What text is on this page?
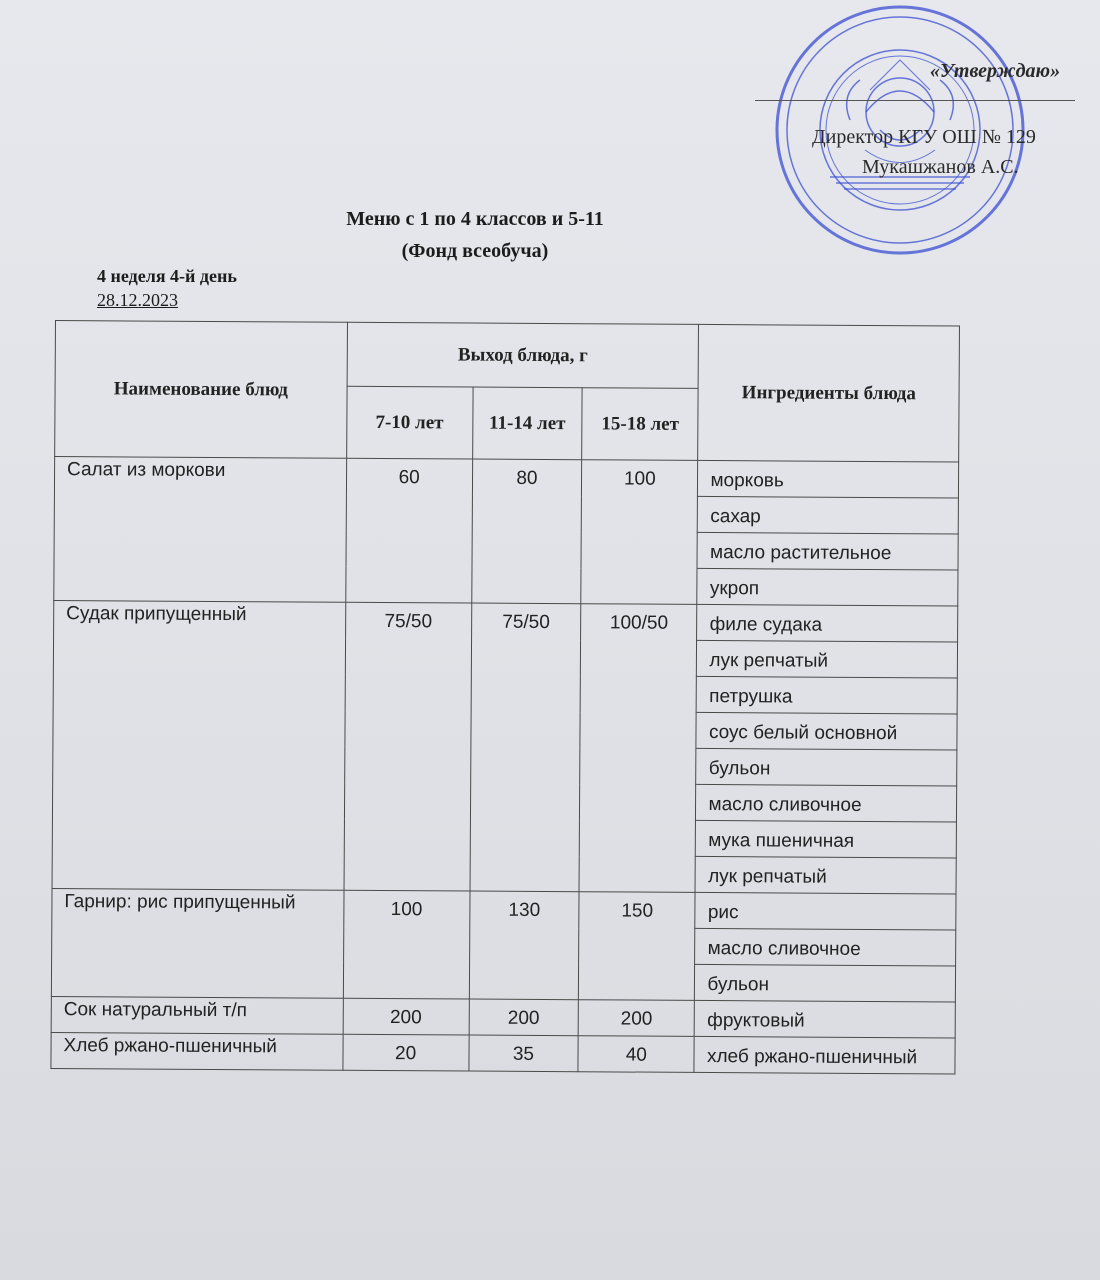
«Утверждаю»
Директор КГУ ОШ № 129
Мукашжанов А.С.
Меню с 1 по 4 классов и 5-11
(Фонд всеобуча)
4 неделя 4-й день
28.12.2023
Наименование блюд	Выход блюда, г			Ингредиенты блюда
	7-10 лет	11-14 лет	15-18 лет	
Салат из моркови	60	80	100	морковь
				сахар
				масло растительное
				укроп
Судак припущенный	75/50	75/50	100/50	филе судака
				лук репчатый
				петрушка
				соус белый основной
				бульон
				масло сливочное
				мука пшеничная
				лук репчатый
Гарнир: рис припущенный	100	130	150	рис
				масло сливочное
				бульон
Сок натуральный т/п	200	200	200	фруктовый
Хлеб ржано-пшеничный	20	35	40	хлеб ржано-пшеничный
